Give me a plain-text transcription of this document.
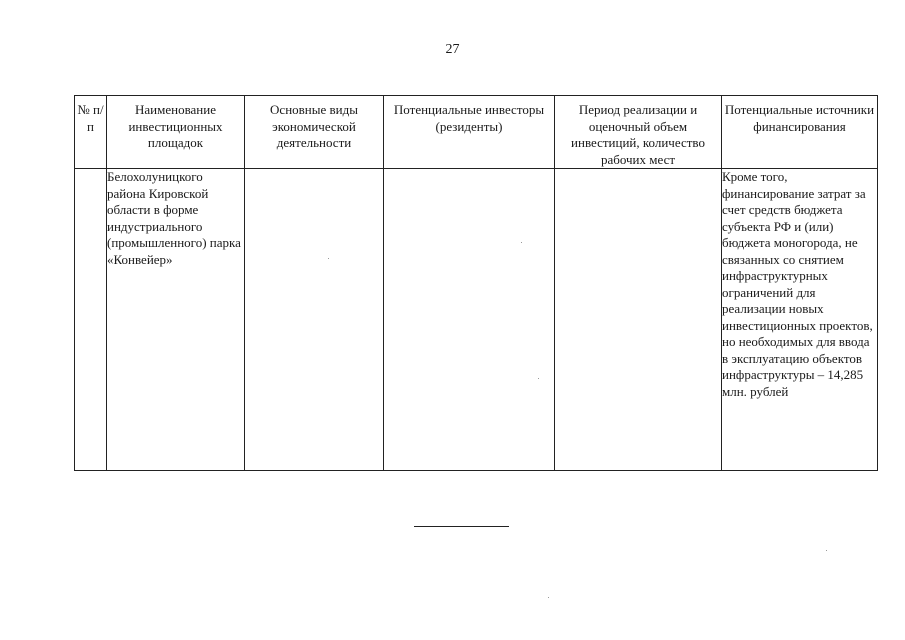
27
№ п/п	Наименование инвестиционных площадок	Основные виды экономической деятельности	Потенциальные инвесторы (резиденты)	Период реализации и оценочный объем инвестиций, количество рабочих мест	Потенциальные источники финансирования
	Белохолуницкого района Кировской области в форме индустриального (промышленного) парка «Конвейер»				Кроме того, финансирование затрат за счет средств бюджета субъекта РФ и (или) бюджета моногорода, не связанных со снятием инфраструктурных ограничений для реализации новых инвестиционных проектов, но необходимых для ввода в эксплуатацию объектов инфраструктуры – 14,285 млн. рублей
